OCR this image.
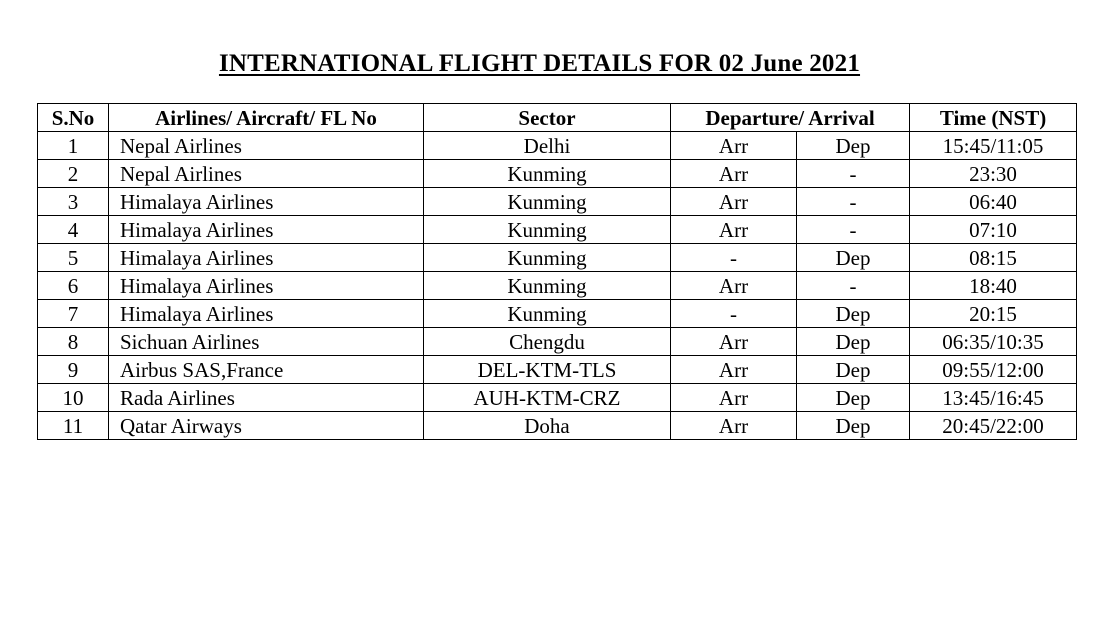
INTERNATIONAL FLIGHT DETAILS FOR 02 June 2021
S.No	Airlines/ Aircraft/ FL No	Sector	Departure/ Arrival		Time (NST)
1	Nepal Airlines	Delhi	Arr	Dep	15:45/11:05
2	Nepal Airlines	Kunming	Arr	-	23:30
3	Himalaya Airlines	Kunming	Arr	-	06:40
4	Himalaya Airlines	Kunming	Arr	-	07:10
5	Himalaya Airlines	Kunming	-	Dep	08:15
6	Himalaya Airlines	Kunming	Arr	-	18:40
7	Himalaya Airlines	Kunming	-	Dep	20:15
8	Sichuan Airlines	Chengdu	Arr	Dep	06:35/10:35
9	Airbus SAS,France	DEL-KTM-TLS	Arr	Dep	09:55/12:00
10	Rada Airlines	AUH-KTM-CRZ	Arr	Dep	13:45/16:45
11	Qatar Airways	Doha	Arr	Dep	20:45/22:00
